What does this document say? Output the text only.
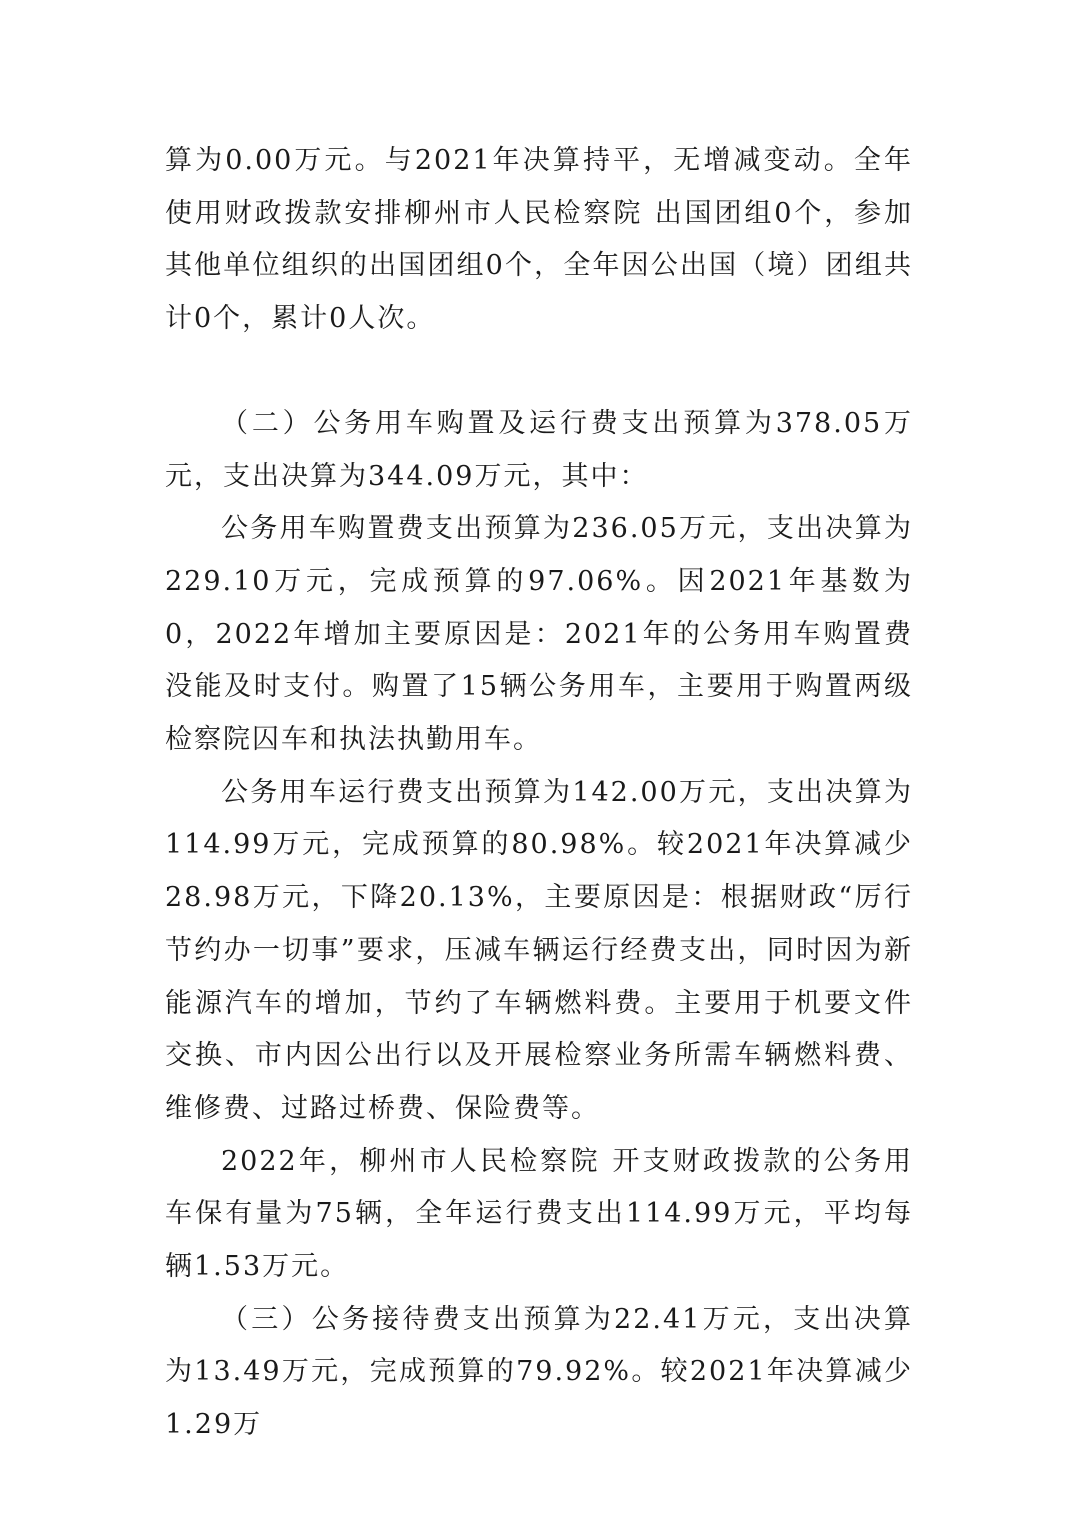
算为0.00万元。与2021年决算持平，无增减变动。全年使用财政拨款安排柳州市人民检察院 出国团组0个，参加其他单位组织的出国团组0个，全年因公出国（境）团组共计0个，累计0人次。

（二）公务用车购置及运行费支出预算为378.05万元，支出决算为344.09万元，其中：

公务用车购置费支出预算为236.05万元，支出决算为229.10万元，完成预算的97.06%。因2021年基数为0，2022年增加主要原因是：2021年的公务用车购置费没能及时支付。购置了15辆公务用车，主要用于购置两级检察院囚车和执法执勤用车。

公务用车运行费支出预算为142.00万元，支出决算为114.99万元，完成预算的80.98%。较2021年决算减少28.98万元，下降20.13%，主要原因是：根据财政“厉行节约办一切事”要求，压减车辆运行经费支出，同时因为新能源汽车的增加，节约了车辆燃料费。主要用于机要文件交换、市内因公出行以及开展检察业务所需车辆燃料费、维修费、过路过桥费、保险费等。

2022年，柳州市人民检察院 开支财政拨款的公务用车保有量为75辆，全年运行费支出114.99万元，平均每辆1.53万元。

（三）公务接待费支出预算为22.41万元，支出决算为13.49万元，完成预算的79.92%。较2021年决算减少1.29万
